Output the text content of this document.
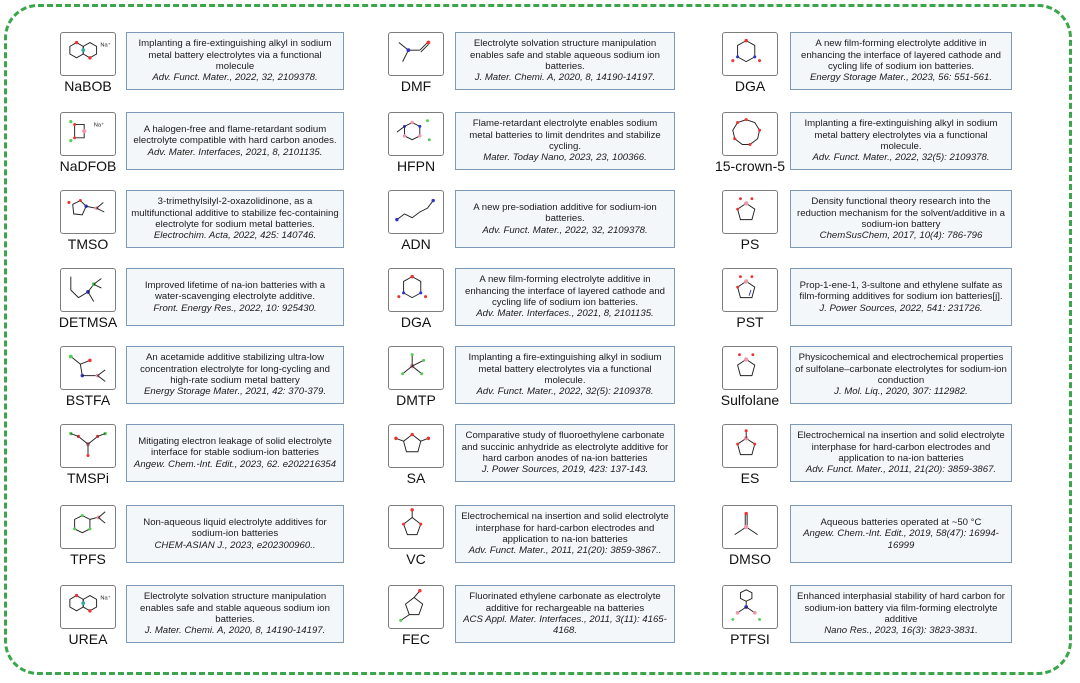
Na⁺
NaBOB
Implanting a fire-extinguishing alkyl in sodium metal battery electrolytes via a functional molecule
Adv. Funct. Mater., 2022, 32, 2109378.
Na⁺
NaDFOB
A halogen-free and flame-retardant sodium electrolyte compatible with hard carbon anodes.
Adv. Mater. Interfaces, 2021, 8, 2101135.
TMSO
3-trimethylsilyl-2-oxazolidinone, as a multifunctional additive to stabilize fec-containing electrolyte for sodium metal batteries.
Electrochim. Acta, 2022, 425: 140746.
DETMSA
Improved lifetime of na-ion batteries with a water-scavenging electrolyte additive.
Front. Energy Res., 2022, 10: 925430.
BSTFA
An acetamide additive stabilizing ultra-low concentration electrolyte for long-cycling and high-rate sodium metal battery
Energy Storage Mater., 2021, 42: 370-379.
TMSPi
Mitigating electron leakage of solid electrolyte interface for stable sodium-ion batteries
Angew. Chem.-Int. Edit., 2023, 62. e202216354
TPFS
Non-aqueous liquid electrolyte additives for sodium-ion batteries
CHEM-ASIAN J., 2023, e202300960..
Na⁺
UREA
Electrolyte solvation structure manipulation enables safe and stable aqueous sodium ion batteries.
J. Mater. Chemi. A, 2020, 8, 14190-14197.
DMF
Electrolyte solvation structure manipulation enables safe and stable aqueous sodium ion batteries.
J. Mater. Chemi. A, 2020, 8, 14190-14197.
HFPN
Flame-retardant electrolyte enables sodium metal batteries to limit dendrites and stabilize cycling.
Mater. Today Nano, 2023, 23, 100366.
ADN
A new pre-sodiation additive for sodium-ion batteries.
Adv. Funct. Mater., 2022, 32, 2109378.
DGA
A new film-forming electrolyte additive in enhancing the interface of layered cathode and cycling life of sodium ion batteries.
Adv. Mater. Interfaces., 2021, 8, 2101135.
DMTP
Implanting a fire-extinguishing alkyl in sodium metal battery electrolytes via a functional molecule.
Adv. Funct. Mater., 2022, 32(5): 2109378.
SA
Comparative study of fluoroethylene carbonate and succinic anhydride as electrolyte additive for hard carbon anodes of na-ion batteries
J. Power Sources, 2019, 423: 137-143.
VC
Electrochemical na insertion and solid electrolyte interphase for hard-carbon electrodes and application to na-ion batteries
Adv. Funct. Mater., 2011, 21(20): 3859-3867..
FEC
Fluorinated ethylene carbonate as electrolyte additive for rechargeable na batteries
ACS Appl. Mater. Interfaces., 2011, 3(11): 4165-4168.
DGA
A new film-forming electrolyte additive in enhancing the interface of layered cathode and cycling life of sodium ion batteries.
Energy Storage Mater., 2023, 56: 551-561.
15-crown-5
Implanting a fire-extinguishing alkyl in sodium metal battery electrolytes via a functional molecule.
Adv. Funct. Mater., 2022, 32(5): 2109378.
PS
Density functional theory research into the reduction mechanism for the solvent/additive in a sodium-ion battery
ChemSusChem, 2017, 10(4): 786-796
PST
Prop-1-ene-1, 3-sultone and ethylene sulfate as film-forming additives for sodium ion batteries[j].
J. Power Sources, 2022, 541: 231726.
Sulfolane
Physicochemical and electrochemical properties of sulfolane–carbonate electrolytes for sodium-ion conduction
J. Mol. Liq., 2020, 307: 112982.
ES
Electrochemical na insertion and solid electrolyte interphase for hard-carbon electrodes and application to na-ion batteries
Adv. Funct. Mater., 2011, 21(20): 3859-3867.
DMSO
Aqueous batteries operated at ~50 °C
Angew. Chem.-Int. Edit., 2019, 58(47): 16994-16999
PTFSI
Enhanced interphasial stability of hard carbon for sodium-ion battery via film-forming electrolyte additive
Nano Res., 2023, 16(3): 3823-3831.
